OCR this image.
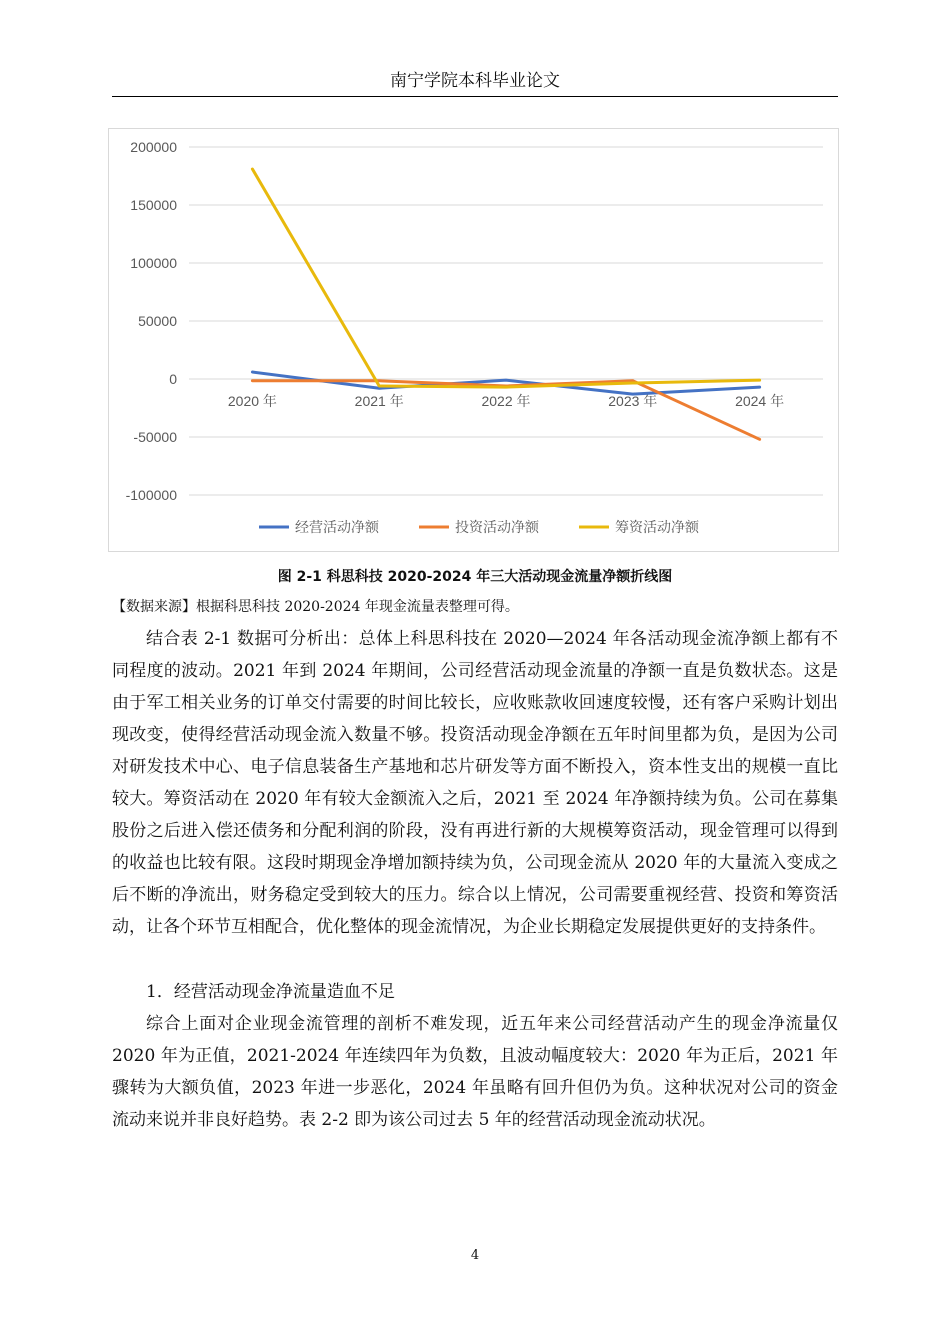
南宁学院本科毕业论文
200000
150000
100000
50000
0
-50000
-100000
2020 年	2021 年	2022 年	2023 年	2024 年
经营活动净额	投资活动净额	筹资活动净额
图 2-1 科思科技 2020-2024 年三大活动现金流量净额折线图
【数据来源】根据科思科技 2020-2024 年现金流量表整理可得。

结合表 2-1 数据可分析出：总体上科思科技在 2020—2024 年各活动现金流净额上都有不同程度的波动。2021 年到 2024 年期间，公司经营活动现金流量的净额一直是负数状态。这是由于军工相关业务的订单交付需要的时间比较长，应收账款收回速度较慢，还有客户采购计划出现改变，使得经营活动现金流入数量不够。投资活动现金净额在五年时间里都为负，是因为公司对研发技术中心、电子信息装备生产基地和芯片研发等方面不断投入，资本性支出的规模一直比较大。筹资活动在 2020 年有较大金额流入之后，2021 至 2024 年净额持续为负。公司在募集股份之后进入偿还债务和分配利润的阶段，没有再进行新的大规模筹资活动，现金管理可以得到的收益也比较有限。这段时期现金净增加额持续为负，公司现金流从 2020 年的大量流入变成之后不断的净流出，财务稳定受到较大的压力。综合以上情况，公司需要重视经营、投资和筹资活动，让各个环节互相配合，优化整体的现金流情况，为企业长期稳定发展提供更好的支持条件。

1．经营活动现金净流量造血不足

综合上面对企业现金流管理的剖析不难发现，近五年来公司经营活动产生的现金净流量仅 2020 年为正值，2021-2024 年连续四年为负数，且波动幅度较大：2020 年为正后，2021 年骤转为大额负值，2023 年进一步恶化，2024 年虽略有回升但仍为负。这种状况对公司的资金流动来说并非良好趋势。表 2-2 即为该公司过去 5 年的经营活动现金流动状况。

4
